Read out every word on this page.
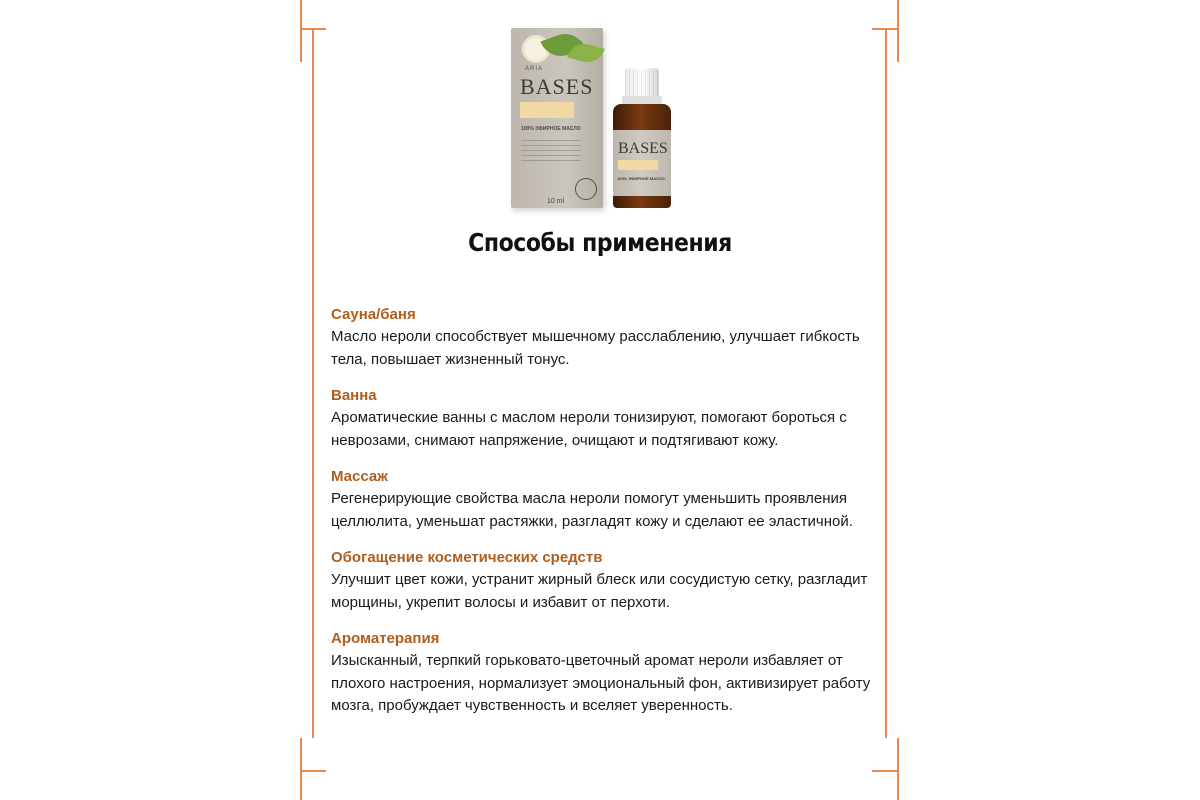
ARIA
BASES
100% ЭФИРНОЕ МАСЛО
10 ml
BASES
100% ЭФИРНОЕ МАСЛО
Способы применения
Сауна/баня

Масло нероли способствует мышечному расслаблению, улучшает гибкость тела, повышает жизненный тонус.

Ванна

Ароматические ванны с маслом нероли тонизируют, помогают бороться с неврозами, снимают напряжение, очищают и подтягивают кожу.

Массаж

Регенерирующие свойства масла нероли помогут уменьшить проявления целлюлита, уменьшат растяжки, разгладят кожу и сделают ее эластичной.

Обогащение косметических средств

Улучшит цвет кожи, устранит жирный блеск или сосудистую сетку, разгладит морщины, укрепит волосы и избавит от перхоти.

Ароматерапия

Изысканный, терпкий горьковато-цветочный аромат нероли избавляет от плохого настроения, нормализует эмоциональный фон, активизирует работу мозга, пробуждает чувственность и вселяет уверенность.
